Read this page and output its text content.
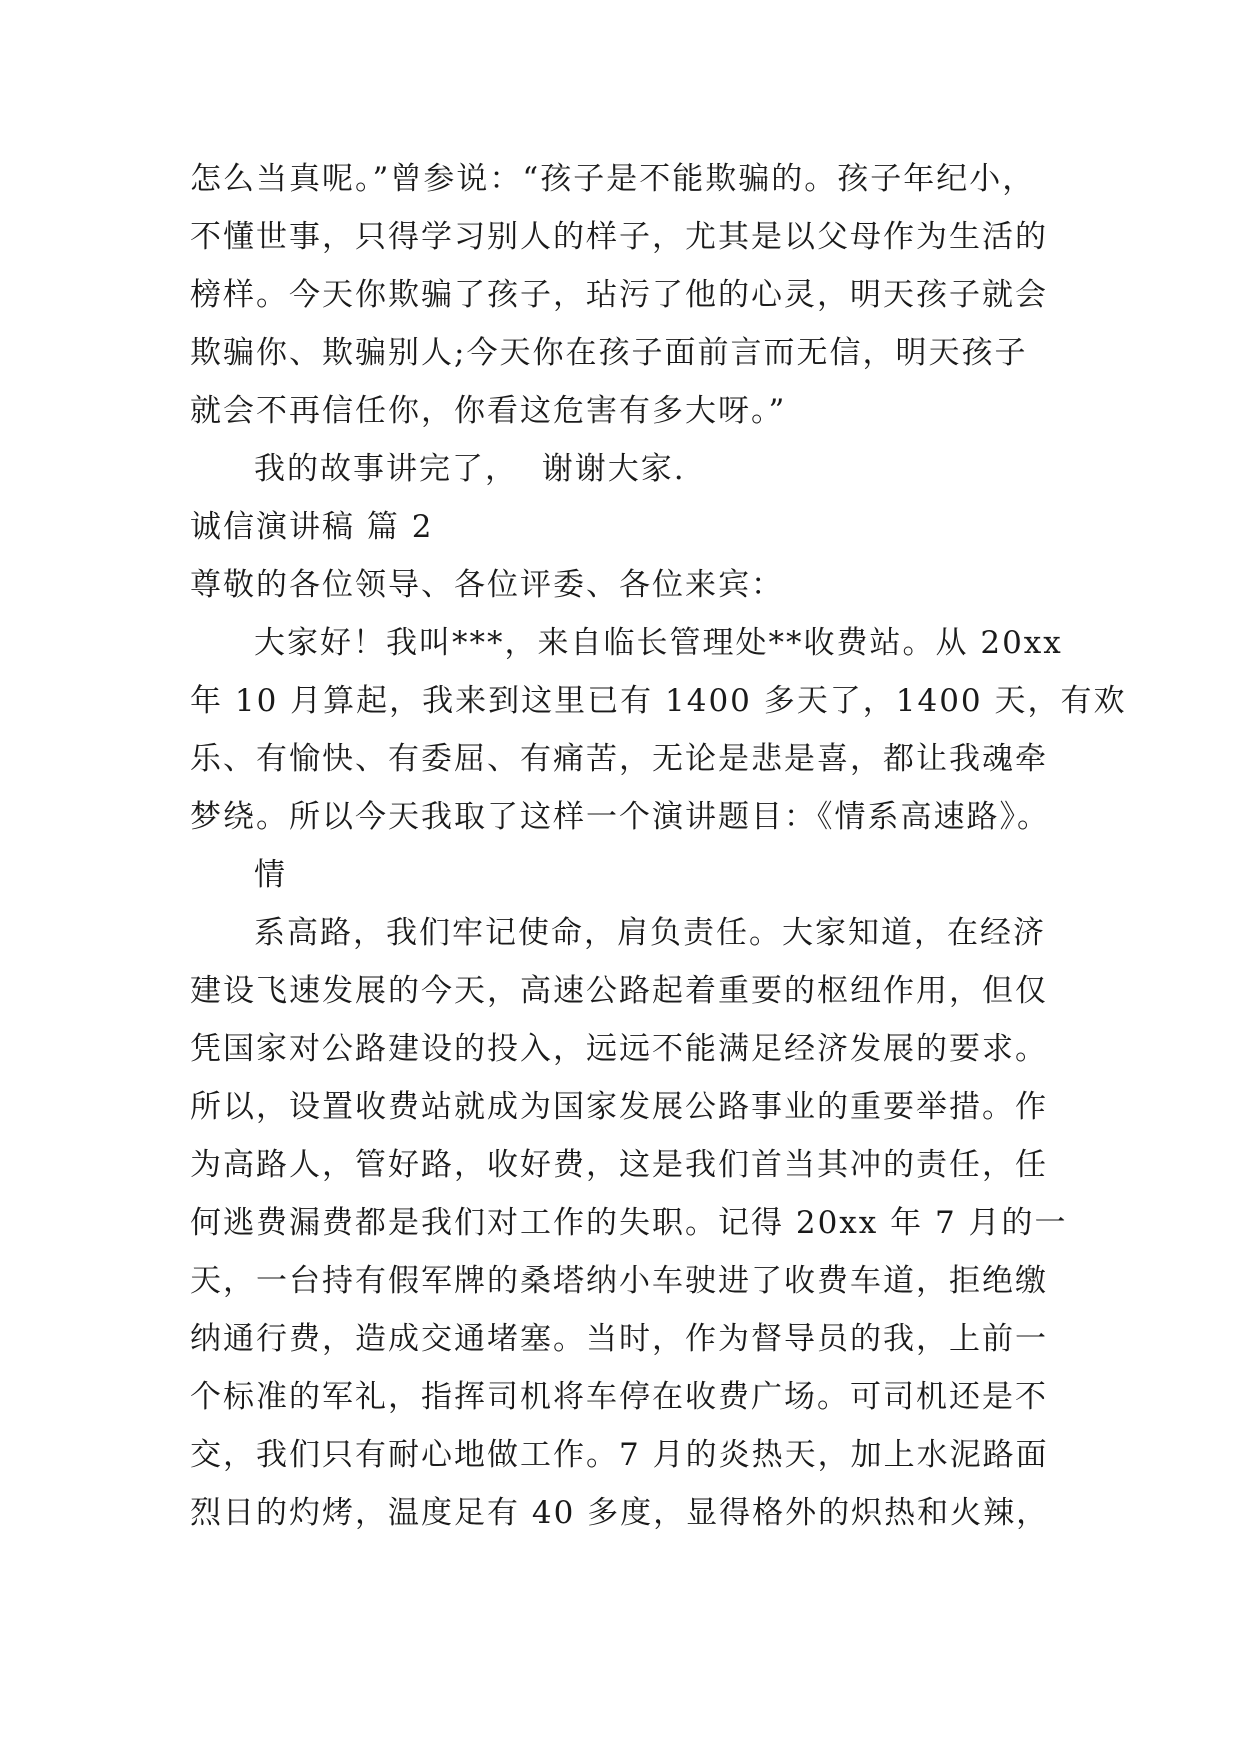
怎么当真呢。”曾参说：“孩子是不能欺骗的。孩子年纪小，
不懂世事，只得学习别人的样子，尤其是以父母作为生活的
榜样。今天你欺骗了孩子，玷污了他的心灵，明天孩子就会
欺骗你、欺骗别人;今天你在孩子面前言而无信，明天孩子
就会不再信任你，你看这危害有多大呀。”
我的故事讲完了，  谢谢大家.
诚信演讲稿 篇 2
尊敬的各位领导、各位评委、各位来宾：
大家好！我叫***，来自临长管理处**收费站。从 20xx
年 10 月算起，我来到这里已有 1400 多天了，1400 天，有欢
乐、有愉快、有委屈、有痛苦，无论是悲是喜，都让我魂牵
梦绕。所以今天我取了这样一个演讲题目：《情系高速路》。
情
系高路，我们牢记使命，肩负责任。大家知道，在经济
建设飞速发展的今天，高速公路起着重要的枢纽作用，但仅
凭国家对公路建设的投入，远远不能满足经济发展的要求。
所以，设置收费站就成为国家发展公路事业的重要举措。作
为高路人，管好路，收好费，这是我们首当其冲的责任，任
何逃费漏费都是我们对工作的失职。记得 20xx 年 7 月的一
天，一台持有假军牌的桑塔纳小车驶进了收费车道，拒绝缴
纳通行费，造成交通堵塞。当时，作为督导员的我，上前一
个标准的军礼，指挥司机将车停在收费广场。可司机还是不
交，我们只有耐心地做工作。7 月的炎热天，加上水泥路面
烈日的灼烤，温度足有 40 多度，显得格外的炽热和火辣，
